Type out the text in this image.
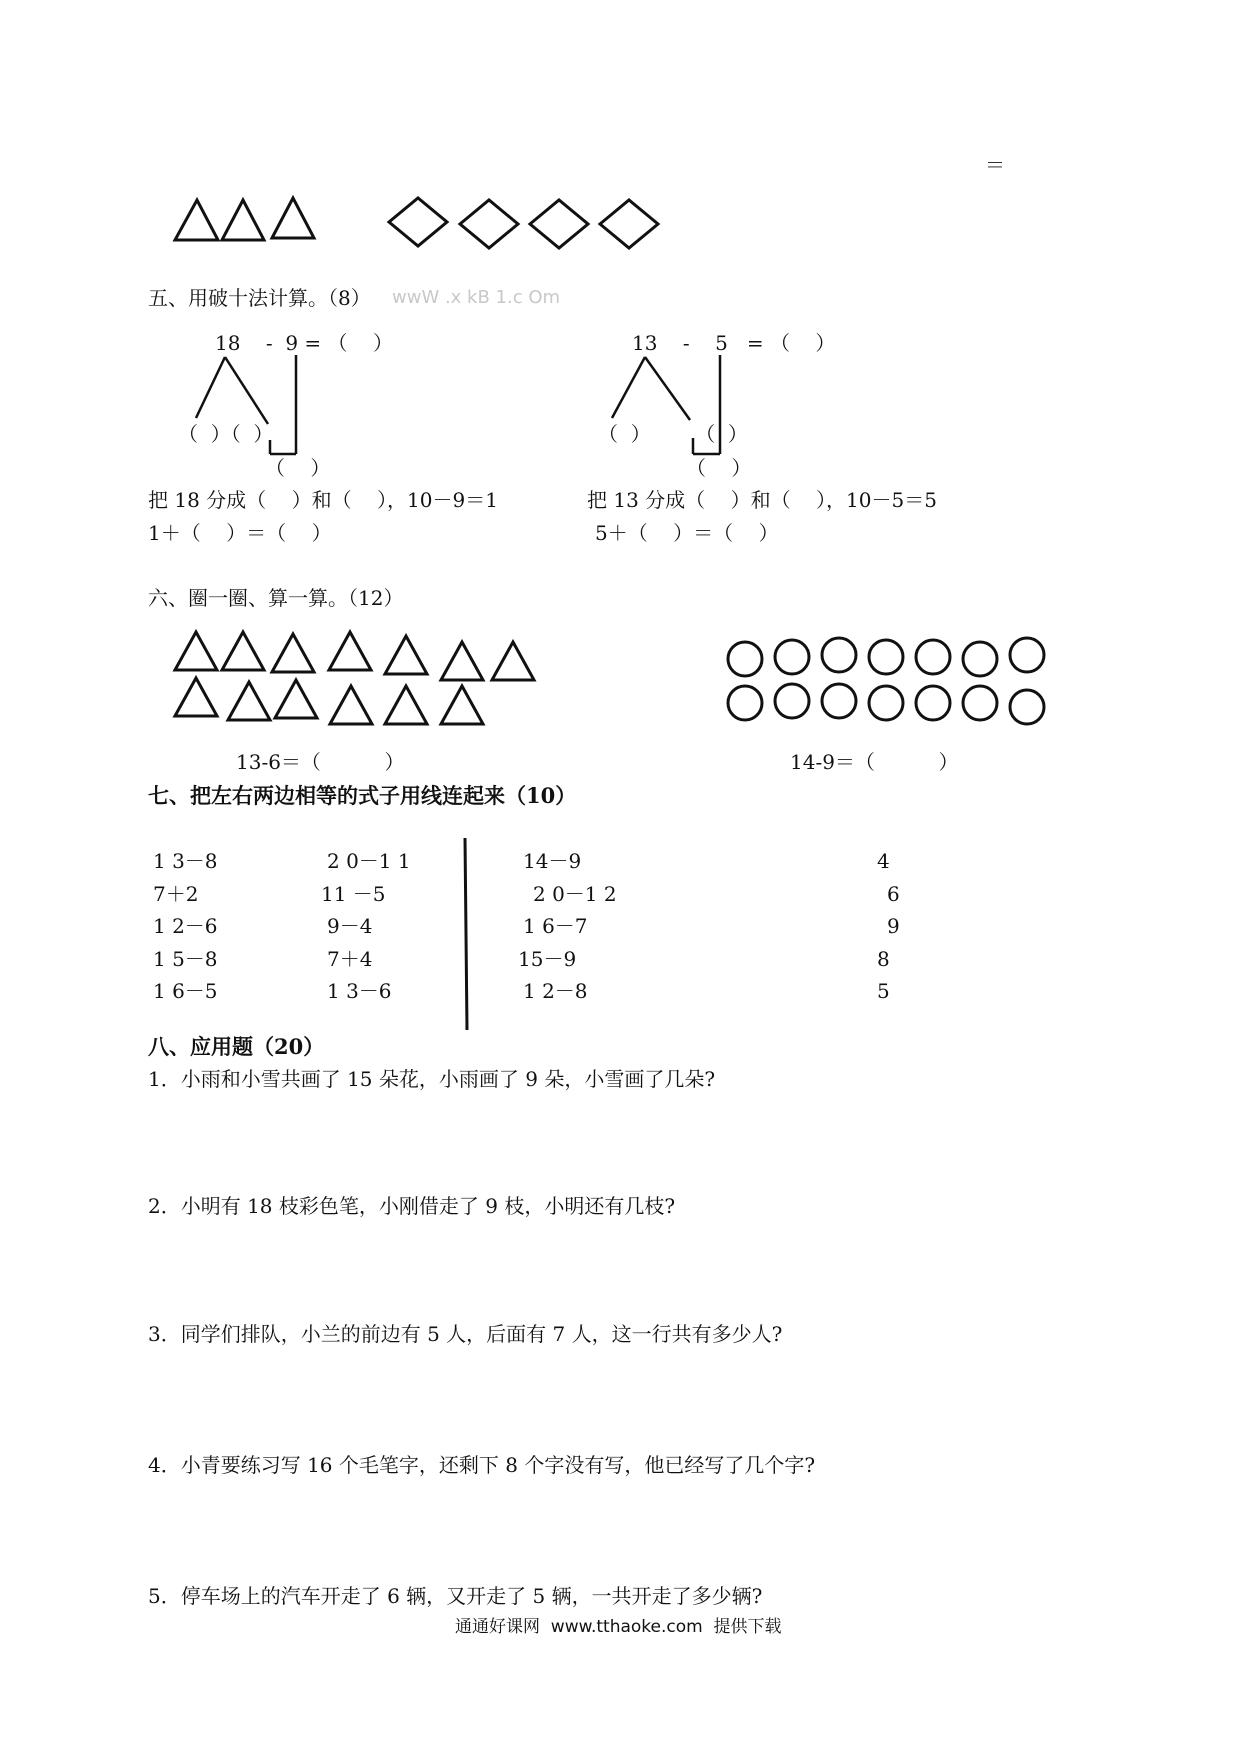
＝
五、用破十法计算。（8） wwW .x kB 1.c Om
18    -  9 = （    ）
（  ）（  ）
（    ）
把 18 分成（    ）和（    ），10－9＝1
1＋（    ）＝（    ）
13    -    5   = （    ）
（  ）       （  ）
（    ）
把 13 分成（    ）和（    ），10－5＝5
5＋（    ）＝（    ）
六、圈一圈、算一算。（12）
13-6＝（          ）	14-9＝（          ）
七、把左右两边相等的式子用线连起来（10）
1 3－8
7＋2
1 2－6
1 5－8
1 6－5
2 0－1 1
11 －5
9－4
7＋4
1 3－6
14－9
2 0－1 2
1 6－7
15－9
1 2－8
4
6
9
8
5
八、应用题（20）
1．小雨和小雪共画了 15 朵花，小雨画了 9 朵，小雪画了几朵?
2．小明有 18 枝彩色笔，小刚借走了 9 枝，小明还有几枝?
3．同学们排队，小兰的前边有 5 人，后面有 7 人，这一行共有多少人?
4．小青要练习写 16 个毛笔字，还剩下 8 个字没有写，他已经写了几个字?
5．停车场上的汽车开走了 6 辆，又开走了 5 辆，一共开走了多少辆?
通通好课网  www.tthaoke.com  提供下载
